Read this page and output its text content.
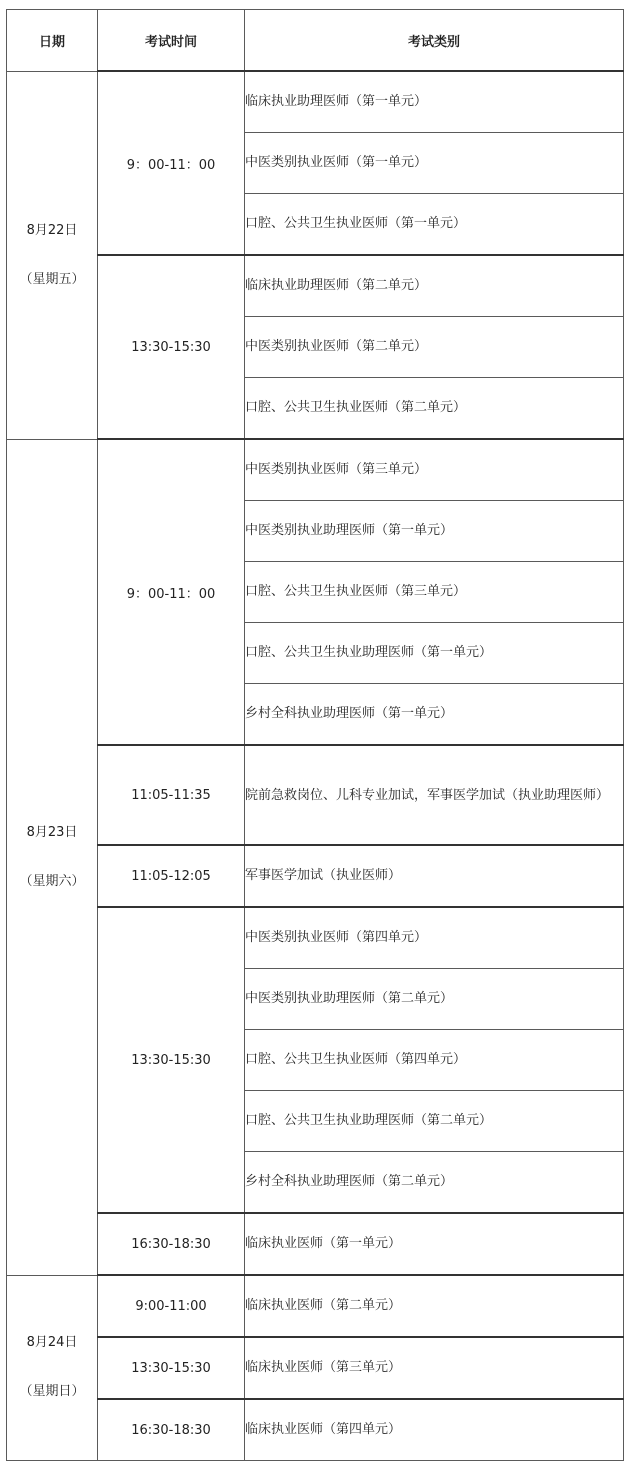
日期	考试时间	考试类别

8月22日
（星期五）	9：00-11：00	临床执业助理医师（第一单元）
		中医类别执业医师（第一单元）
		口腔、公共卫生执业医师（第一单元）
	13:30-15:30	临床执业助理医师（第二单元）
		中医类别执业医师（第二单元）
		口腔、公共卫生执业医师（第二单元）

8月23日
（星期六）	9：00-11：00	中医类别执业医师（第三单元）
		中医类别执业助理医师（第一单元）
		口腔、公共卫生执业医师（第三单元）
		口腔、公共卫生执业助理医师（第一单元）
		乡村全科执业助理医师（第一单元）
	11:05-11:35	院前急救岗位、儿科专业加试，军事医学加试（执业助理医师）
	11:05-12:05	军事医学加试（执业医师）
	13:30-15:30	中医类别执业医师（第四单元）
		中医类别执业助理医师（第二单元）
		口腔、公共卫生执业医师（第四单元）
		口腔、公共卫生执业助理医师（第二单元）
		乡村全科执业助理医师（第二单元）
	16:30-18:30	临床执业医师（第一单元）

8月24日
（星期日）	9:00-11:00	临床执业医师（第二单元）
	13:30-15:30	临床执业医师（第三单元）
	16:30-18:30	临床执业医师（第四单元）
